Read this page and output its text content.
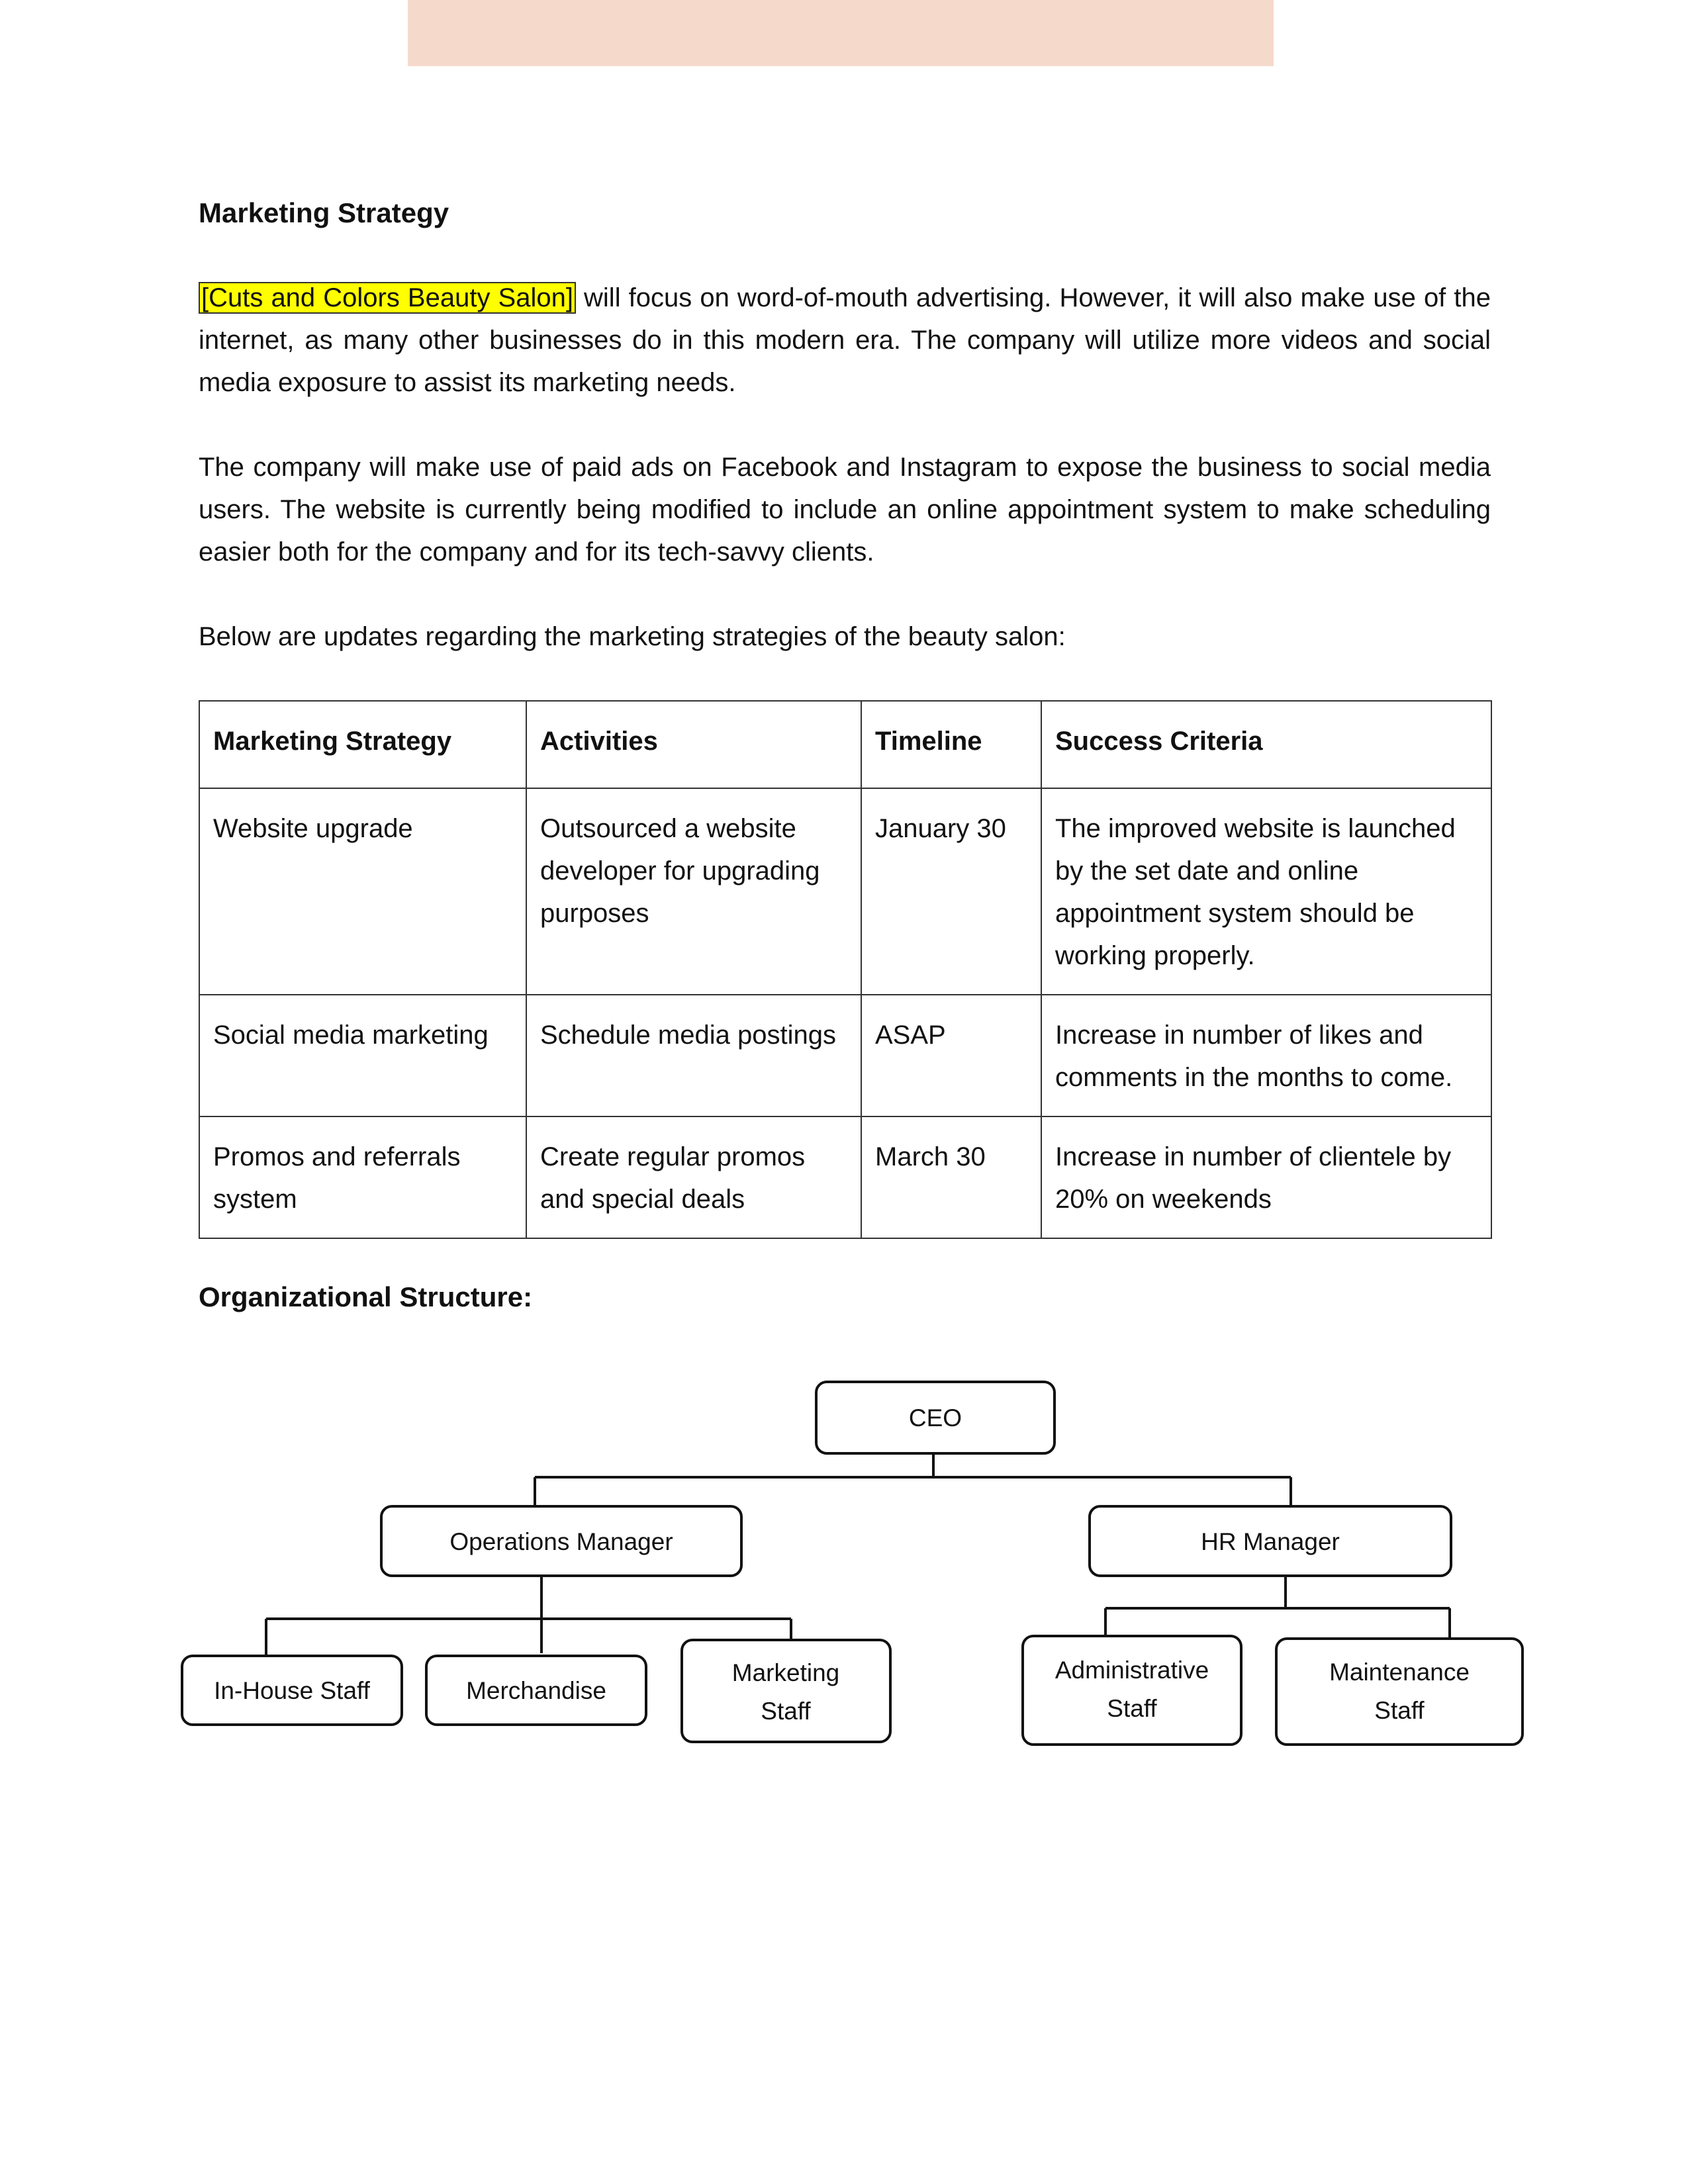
Marketing Strategy

[Cuts and Colors Beauty Salon] will focus on word-of-mouth advertising. However, it will also make use of the internet, as many other businesses do in this modern era. The company will utilize more videos and social media exposure to assist its marketing needs.

The company will make use of paid ads on Facebook and Instagram to expose the business to social media users. The website is currently being modified to include an online appointment system to make scheduling easier both for the company and for its tech-savvy clients.

Below are updates regarding the marketing strategies of the beauty salon:

Marketing Strategy	Activities	Timeline	Success Criteria
Website upgrade	Outsourced a website developer for upgrading purposes	January 30	The improved website is launched by the set date and online appointment system should be working properly.
Social media marketing	Schedule media postings	ASAP	Increase in number of likes and comments in the months to come.
Promos and referrals system	Create regular promos and special deals	March 30	Increase in number of clientele by 20% on weekends

Organizational Structure:

CEO
Operations Manager	HR Manager
In-House Staff	Merchandise
Marketing
Staff
Administrative
Staff
Maintenance
Staff
